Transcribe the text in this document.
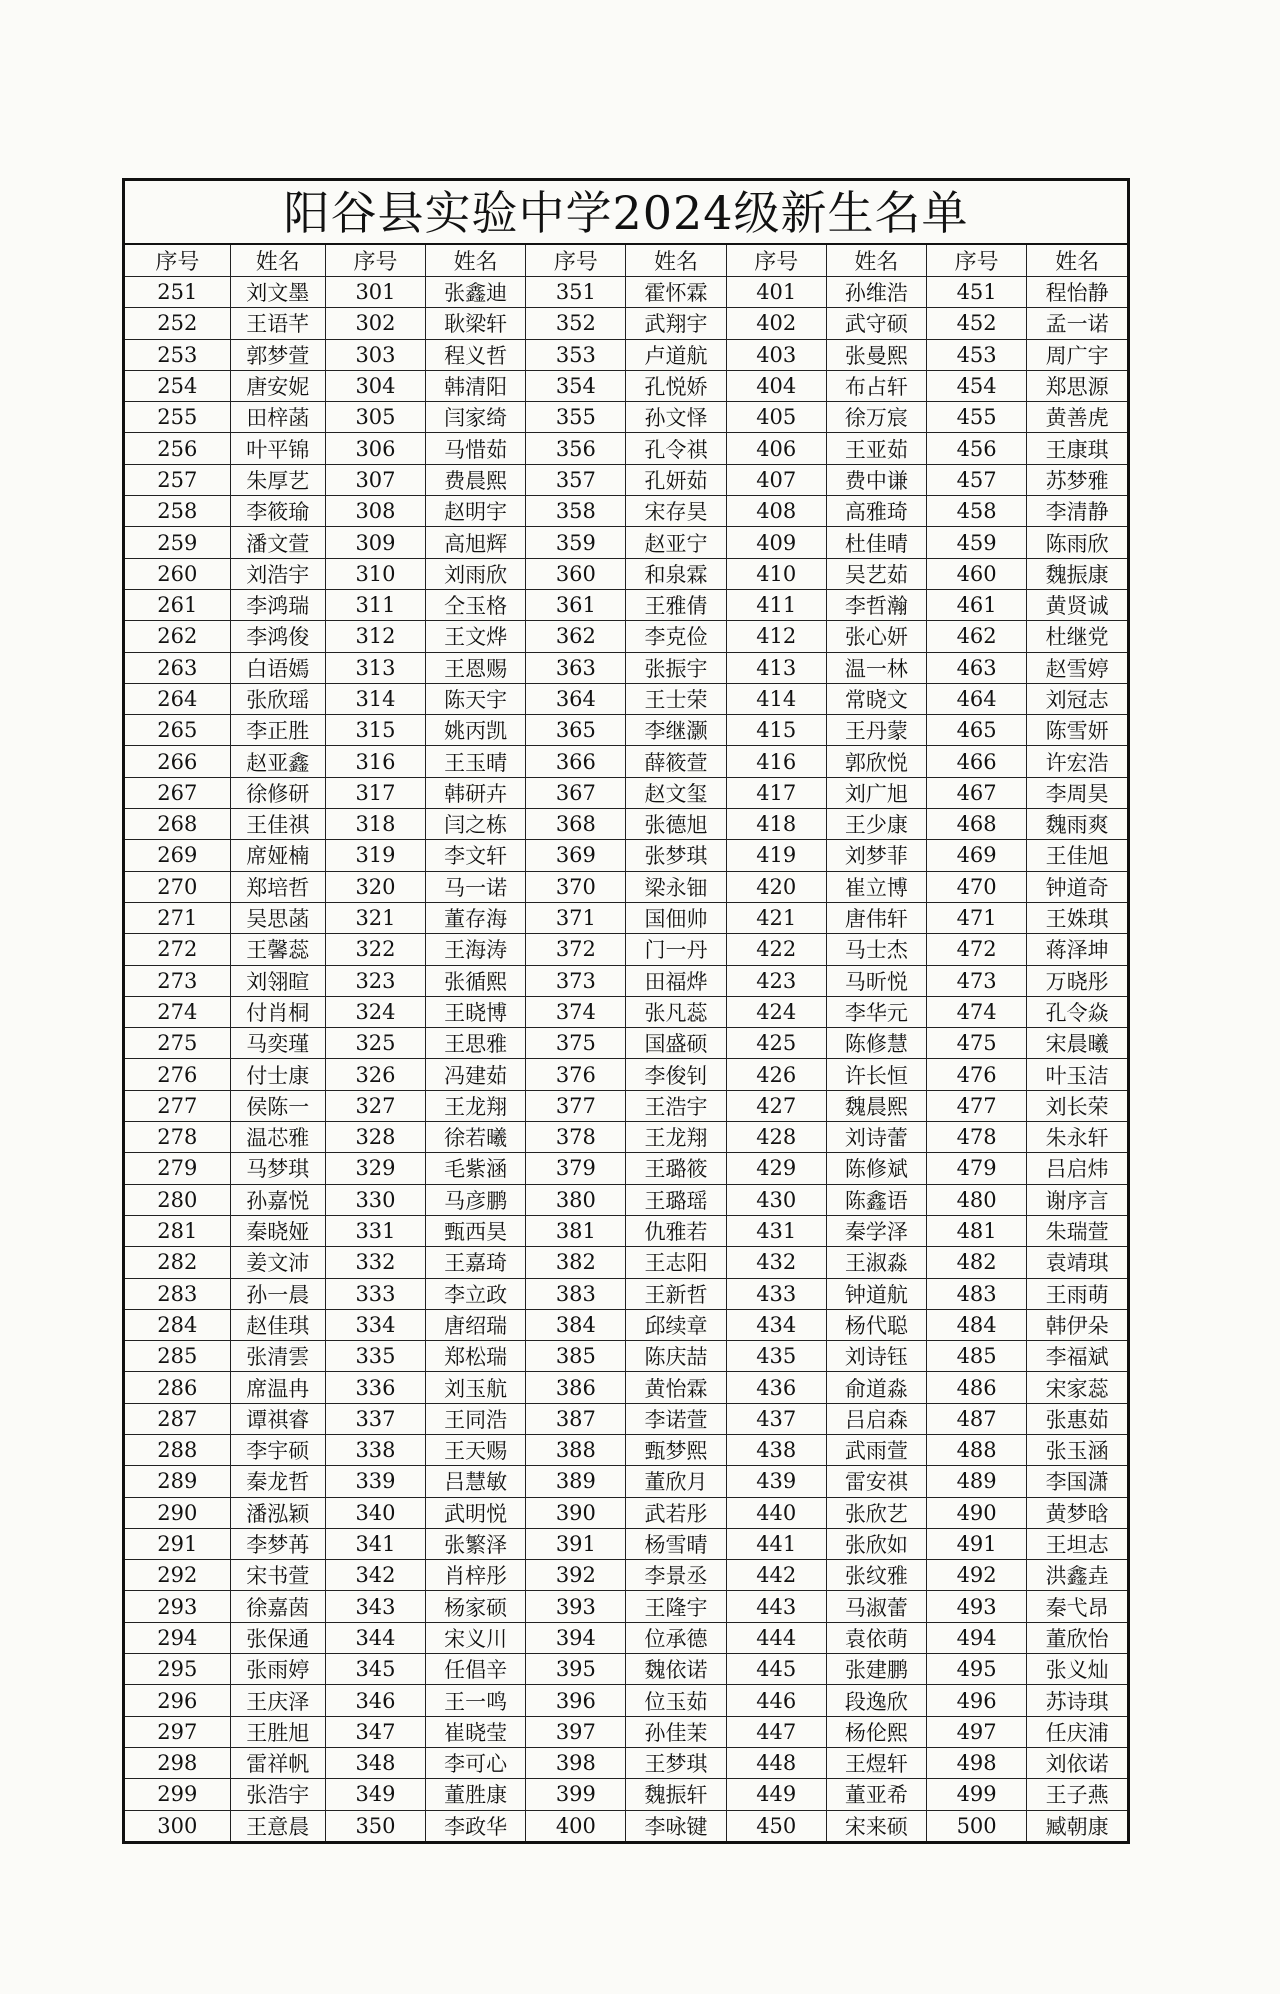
阳谷县实验中学2024级新生名单
序号	姓名	序号	姓名	序号	姓名	序号	姓名	序号	姓名
251	刘文墨	301	张鑫迪	351	霍怀霖	401	孙维浩	451	程怡静
252	王语芊	302	耿梁轩	352	武翔宇	402	武守硕	452	孟一诺
253	郭梦萱	303	程义哲	353	卢道航	403	张曼熙	453	周广宇
254	唐安妮	304	韩清阳	354	孔悦娇	404	布占轩	454	郑思源
255	田梓菡	305	闫家绮	355	孙文怿	405	徐万宸	455	黄善虎
256	叶平锦	306	马惜茹	356	孔令祺	406	王亚茹	456	王康琪
257	朱厚艺	307	费晨熙	357	孔妍茹	407	费中谦	457	苏梦雅
258	李筱瑜	308	赵明宇	358	宋存昊	408	高雅琦	458	李清静
259	潘文萱	309	高旭辉	359	赵亚宁	409	杜佳晴	459	陈雨欣
260	刘浩宇	310	刘雨欣	360	和泉霖	410	吴艺茹	460	魏振康
261	李鸿瑞	311	仝玉格	361	王雅倩	411	李哲瀚	461	黄贤诚
262	李鸿俊	312	王文烨	362	李克俭	412	张心妍	462	杜继党
263	白语嫣	313	王恩赐	363	张振宇	413	温一林	463	赵雪婷
264	张欣瑶	314	陈天宇	364	王士荣	414	常晓文	464	刘冠志
265	李正胜	315	姚丙凯	365	李继灏	415	王丹蒙	465	陈雪妍
266	赵亚鑫	316	王玉晴	366	薛筱萱	416	郭欣悦	466	许宏浩
267	徐修研	317	韩研卉	367	赵文玺	417	刘广旭	467	李周昊
268	王佳祺	318	闫之栋	368	张德旭	418	王少康	468	魏雨爽
269	席娅楠	319	李文轩	369	张梦琪	419	刘梦菲	469	王佳旭
270	郑培哲	320	马一诺	370	梁永钿	420	崔立博	470	钟道奇
271	吴思菡	321	董存海	371	国佃帅	421	唐伟轩	471	王姝琪
272	王馨蕊	322	王海涛	372	门一丹	422	马士杰	472	蒋泽坤
273	刘翎暄	323	张循熙	373	田福烨	423	马昕悦	473	万晓彤
274	付肖桐	324	王晓博	374	张凡蕊	424	李华元	474	孔令焱
275	马奕瑾	325	王思雅	375	国盛硕	425	陈修慧	475	宋晨曦
276	付士康	326	冯建茹	376	李俊钊	426	许长恒	476	叶玉洁
277	侯陈一	327	王龙翔	377	王浩宇	427	魏晨熙	477	刘长荣
278	温芯雅	328	徐若曦	378	王龙翔	428	刘诗蕾	478	朱永轩
279	马梦琪	329	毛紫涵	379	王璐筱	429	陈修斌	479	吕启炜
280	孙嘉悦	330	马彦鹏	380	王璐瑶	430	陈鑫语	480	谢序言
281	秦晓娅	331	甄西昊	381	仇雅若	431	秦学泽	481	朱瑞萱
282	姜文沛	332	王嘉琦	382	王志阳	432	王淑淼	482	袁靖琪
283	孙一晨	333	李立政	383	王新哲	433	钟道航	483	王雨萌
284	赵佳琪	334	唐绍瑞	384	邱续章	434	杨代聪	484	韩伊朵
285	张清雲	335	郑松瑞	385	陈庆喆	435	刘诗钰	485	李福斌
286	席温冉	336	刘玉航	386	黄怡霖	436	俞道淼	486	宋家蕊
287	谭祺睿	337	王同浩	387	李诺萱	437	吕启森	487	张惠茹
288	李宇硕	338	王天赐	388	甄梦熙	438	武雨萱	488	张玉涵
289	秦龙哲	339	吕慧敏	389	董欣月	439	雷安祺	489	李国潇
290	潘泓颖	340	武明悦	390	武若彤	440	张欣艺	490	黄梦晗
291	李梦苒	341	张繁泽	391	杨雪晴	441	张欣如	491	王坦志
292	宋书萱	342	肖梓彤	392	李景丞	442	张纹雅	492	洪鑫垚
293	徐嘉茵	343	杨家硕	393	王隆宇	443	马淑蕾	493	秦弋昂
294	张保通	344	宋义川	394	位承德	444	袁依萌	494	董欣怡
295	张雨婷	345	任倡辛	395	魏依诺	445	张建鹏	495	张义灿
296	王庆泽	346	王一鸣	396	位玉茹	446	段逸欣	496	苏诗琪
297	王胜旭	347	崔晓莹	397	孙佳茉	447	杨伦熙	497	任庆浦
298	雷祥帆	348	李可心	398	王梦琪	448	王煜轩	498	刘依诺
299	张浩宇	349	董胜康	399	魏振轩	449	董亚希	499	王子燕
300	王意晨	350	李政华	400	李咏键	450	宋来硕	500	臧朝康
